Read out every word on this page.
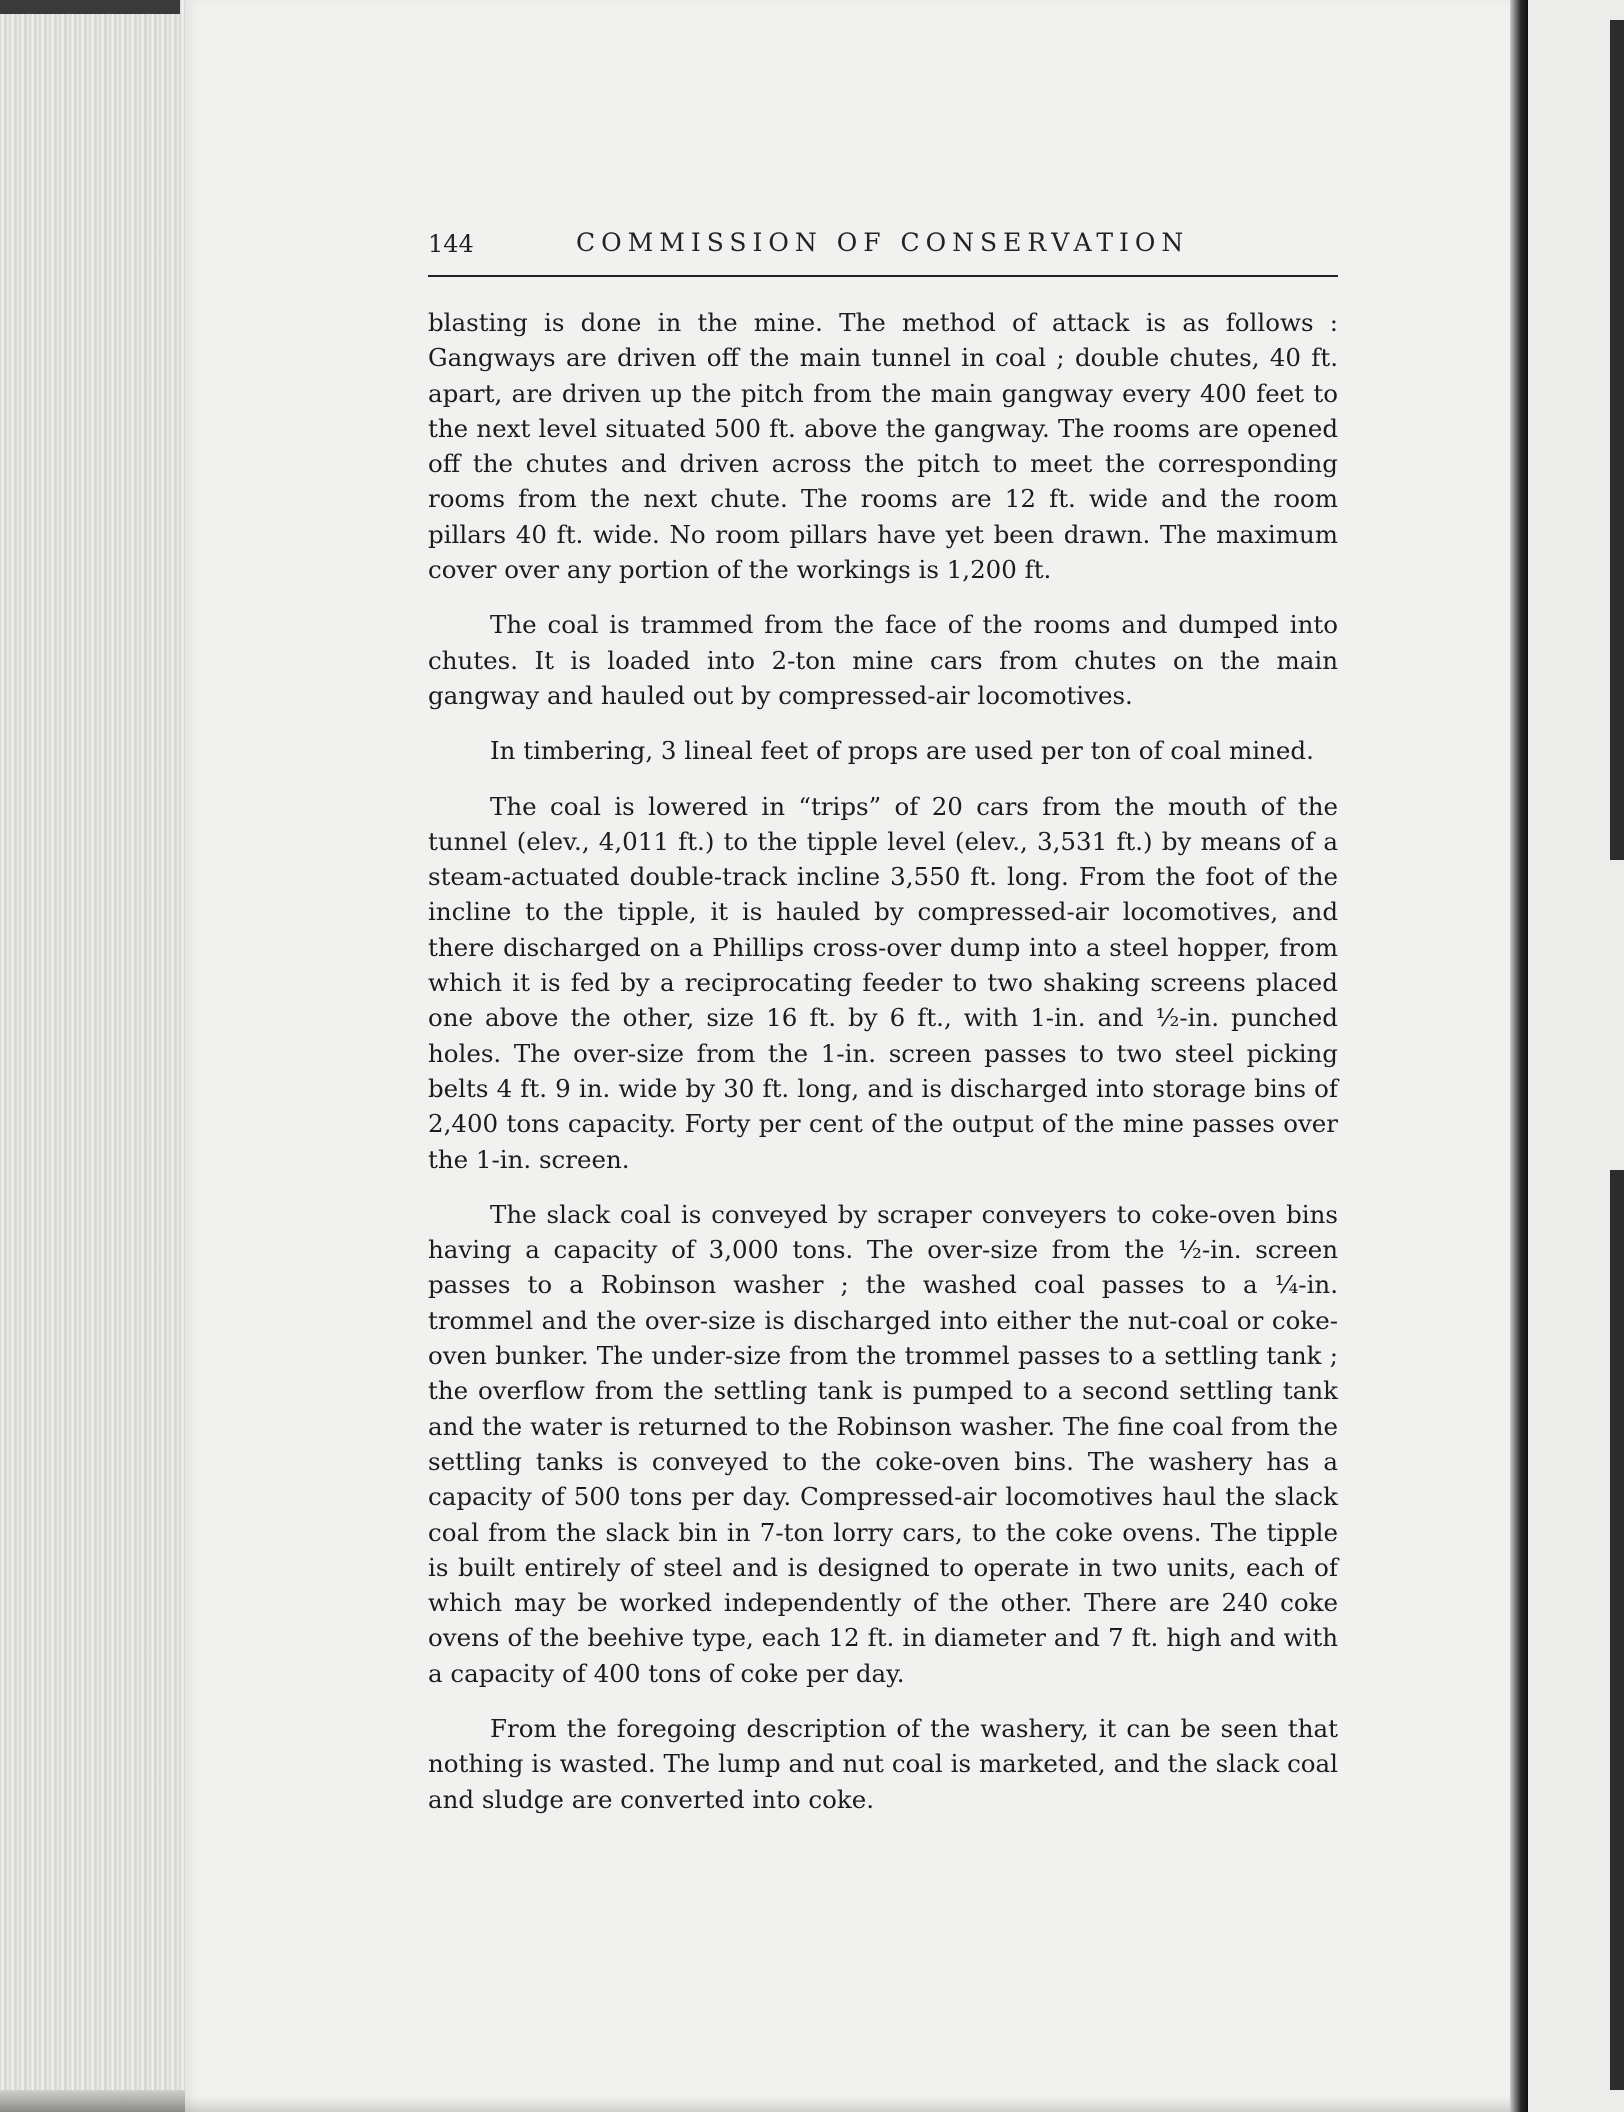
144	COMMISSION OF CONSERVATION

blasting is done in the mine. The method of attack is as follows : Gangways are driven off the main tunnel in coal ; double chutes, 40 ft. apart, are driven up the pitch from the main gangway every 400 feet to the next level situated 500 ft. above the gangway. The rooms are opened off the chutes and driven across the pitch to meet the corresponding rooms from the next chute. The rooms are 12 ft. wide and the room pillars 40 ft. wide. No room pillars have yet been drawn. The maximum cover over any portion of the workings is 1,200 ft.

The coal is trammed from the face of the rooms and dumped into chutes. It is loaded into 2-ton mine cars from chutes on the main gangway and hauled out by compressed-air locomotives.

In timbering, 3 lineal feet of props are used per ton of coal mined.

The coal is lowered in “trips” of 20 cars from the mouth of the tunnel (elev., 4,011 ft.) to the tipple level (elev., 3,531 ft.) by means of a steam-actuated double-track incline 3,550 ft. long. From the foot of the incline to the tipple, it is hauled by compressed-air locomotives, and there discharged on a Phillips cross-over dump into a steel hopper, from which it is fed by a reciprocating feeder to two shaking screens placed one above the other, size 16 ft. by 6 ft., with 1-in. and ½-in. punched holes. The over-size from the 1-in. screen passes to two steel picking belts 4 ft. 9 in. wide by 30 ft. long, and is discharged into storage bins of 2,400 tons capacity. Forty per cent of the output of the mine passes over the 1-in. screen.

The slack coal is conveyed by scraper conveyers to coke-oven bins having a capacity of 3,000 tons. The over-size from the ½-in. screen passes to a Robinson washer ; the washed coal passes to a ¼-in. trommel and the over-size is discharged into either the nut-coal or cokeoven bunker. The under-size from the trommel passes to a settling tank ; the overflow from the settling tank is pumped to a second settling tank and the water is returned to the Robinson washer. The fine coal from the settling tanks is conveyed to the coke-oven bins. The washery has a capacity of 500 tons per day. Compressed-air locomotives haul the slack coal from the slack bin in 7-ton lorry cars, to the coke ovens. The tipple is built entirely of steel and is designed to operate in two units, each of which may be worked independently of the other. There are 240 coke ovens of the beehive type, each 12 ft. in diameter and 7 ft. high and with a capacity of 400 tons of coke per day.

From the foregoing description of the washery, it can be seen that nothing is wasted. The lump and nut coal is marketed, and the slack coal and sludge are converted into coke.
